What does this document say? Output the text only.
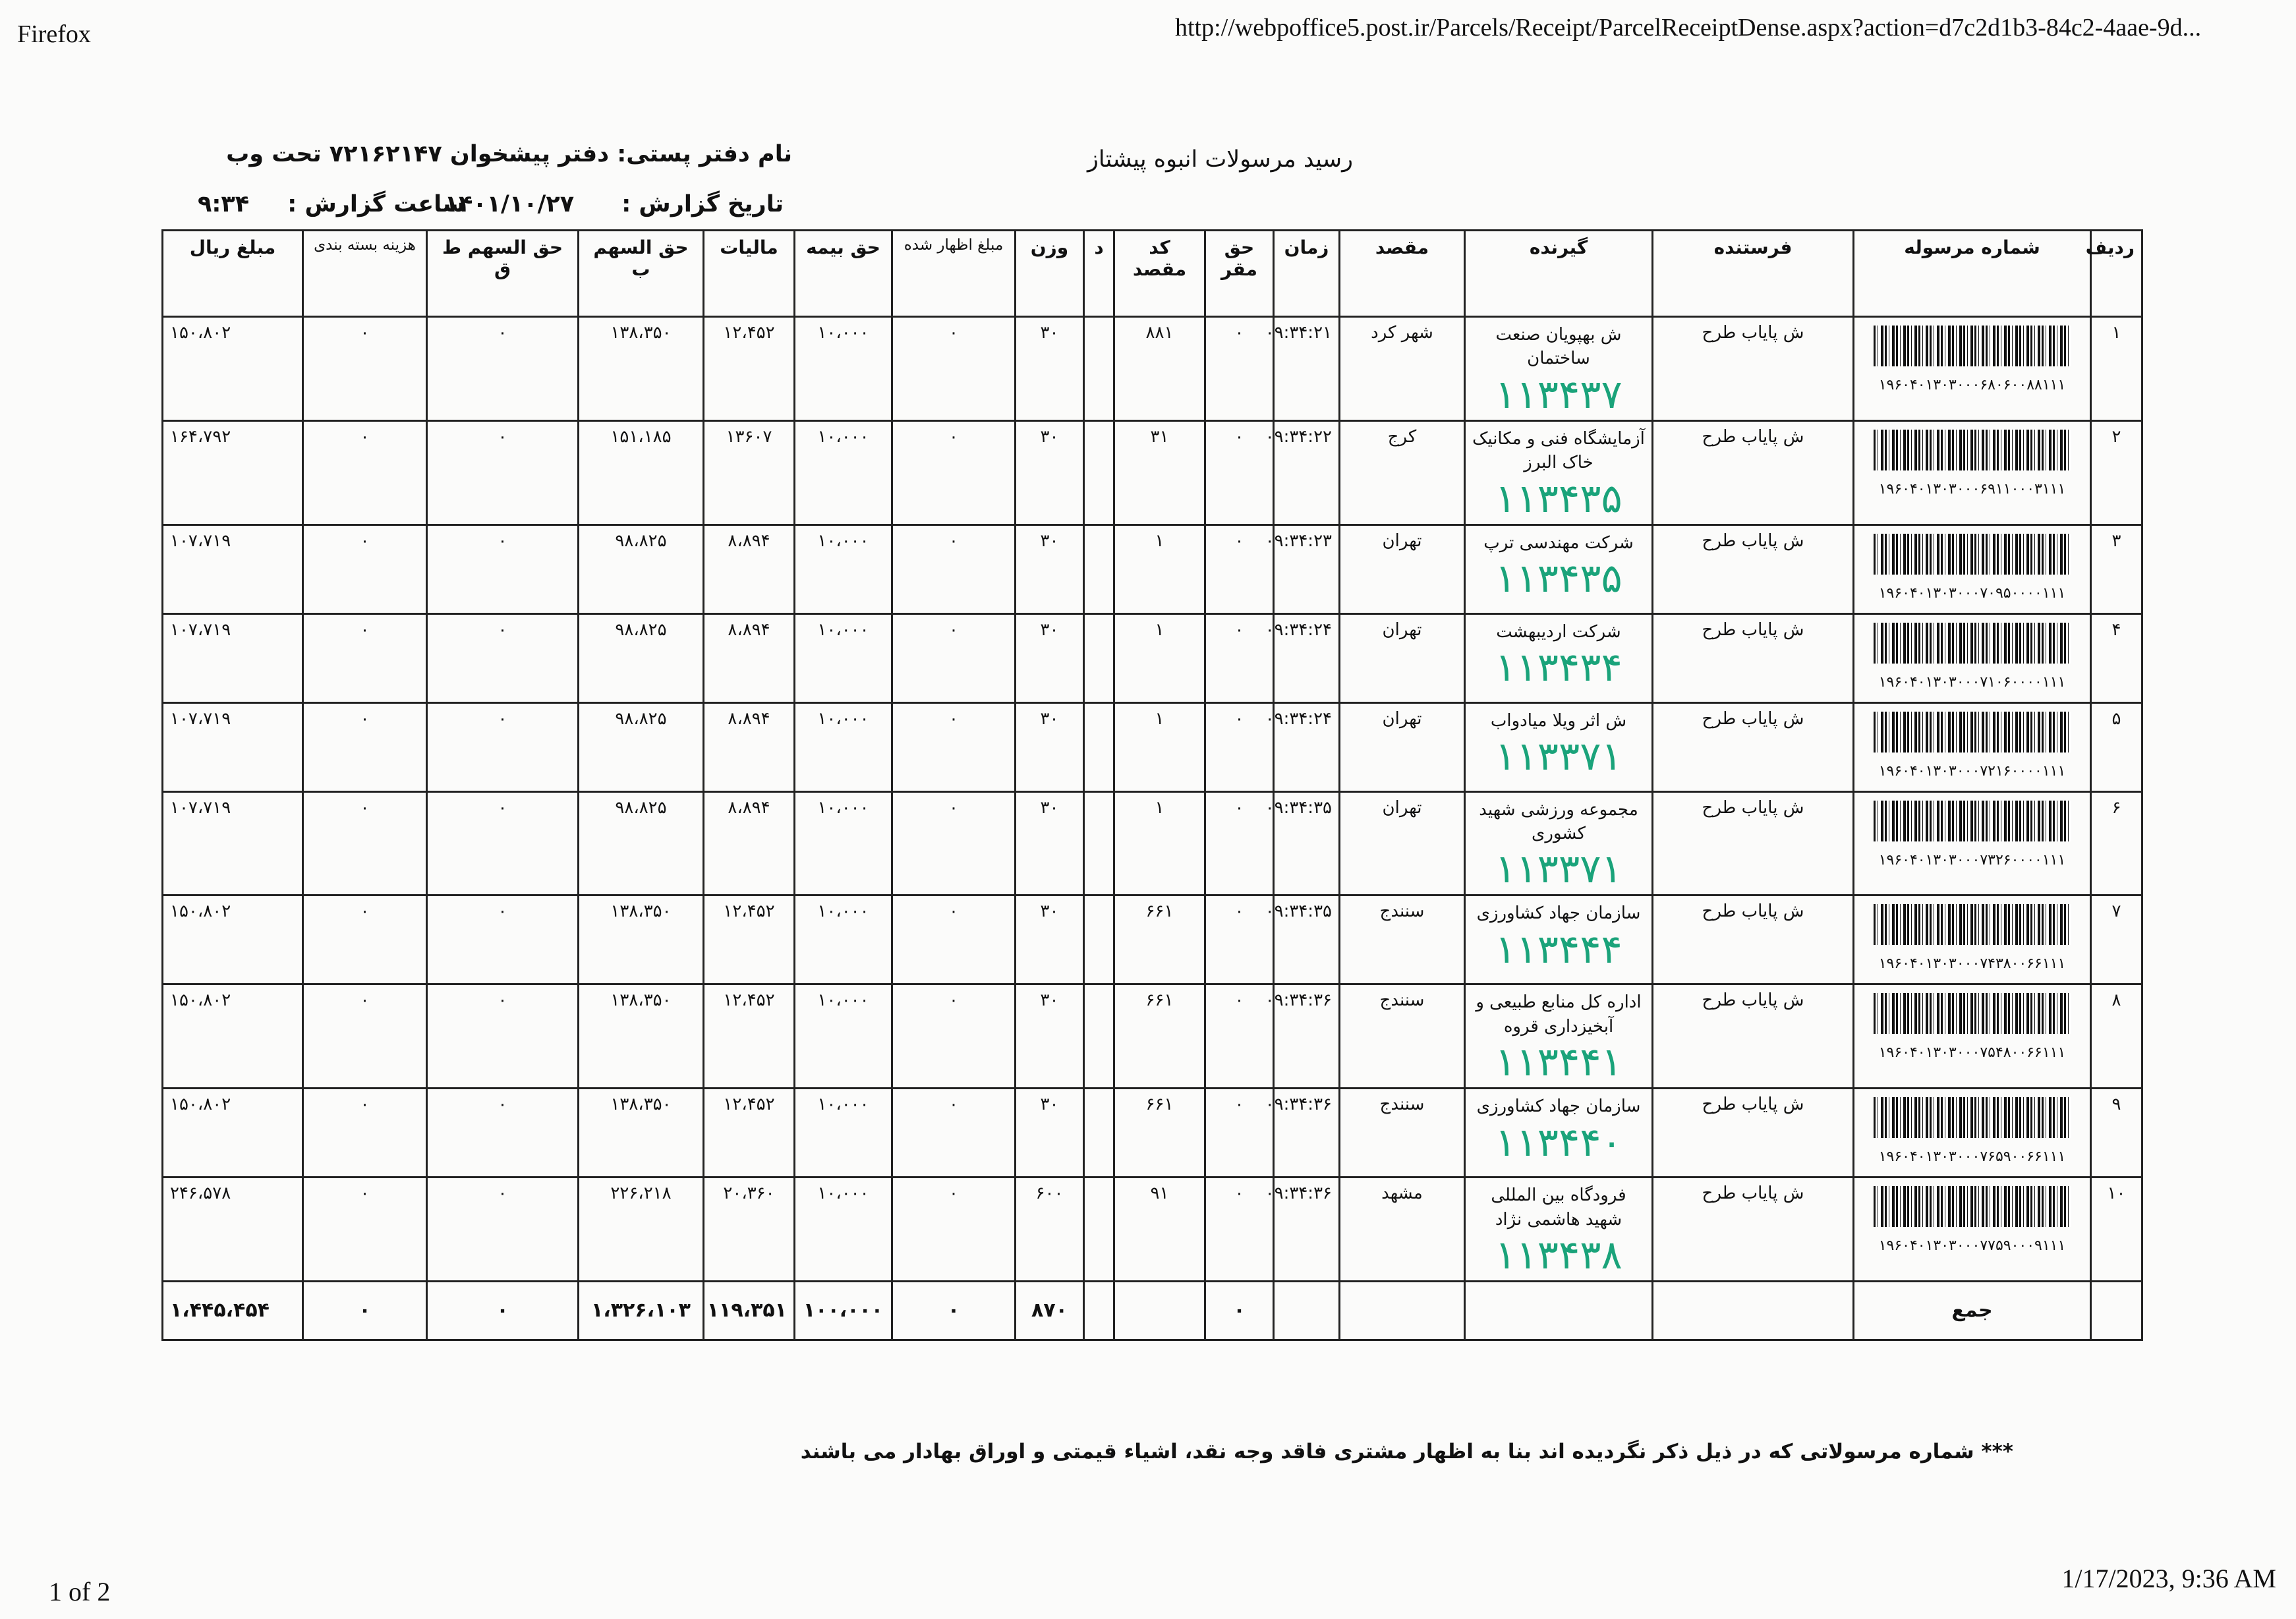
Firefox	http://webpoffice5.post.ir/Parcels/Receipt/ParcelReceiptDense.aspx?action=d7c2d1b3-84c2-4aae-9d...
رسید مرسولات انبوه پیشتاز
نام دفتر پستی: دفتر پیشخوان ۷۲۱۶۲۱۴۷ تحت وب
تاریخ گزارش : ۱۴۰۱/۱۰/۲۷
ساعت گزارش : ۹:۳۴
ردیف	شماره مرسوله	فرستنده	گیرنده	مقصد	زمان	حق مقر	کد مقصد	د	وزن	مبلغ اظهار شده	حق بیمه	مالیات	حق السهم ب	حق السهم ط ق	هزینه بسته بندی	مبلغ ریال
۱	۱۹۶۰۴۰۱۳۰۳۰۰۰۶۸۰۶۰۰۸۸۱۱۱	ش پایاب طرح	ش بهپویان صنعت ساختمان
۱۱۳۴۳۷	شهر کرد	۰۹:۳۴:۲۱	۰	۸۸۱		۳۰	۰	۱۰،۰۰۰	۱۲،۴۵۲	۱۳۸،۳۵۰	۰	۰	۱۵۰،۸۰۲
۲	۱۹۶۰۴۰۱۳۰۳۰۰۰۶۹۱۱۰۰۰۳۱۱۱	ش پایاب طرح	آزمایشگاه فنی و مکانیک خاک البرز
۱۱۳۴۳۵	کرج	۰۹:۳۴:۲۲	۰	۳۱		۳۰	۰	۱۰،۰۰۰	۱۳۶۰۷	۱۵۱،۱۸۵	۰	۰	۱۶۴،۷۹۲
۳	۱۹۶۰۴۰۱۳۰۳۰۰۰۷۰۹۵۰۰۰۰۱۱۱	ش پایاب طرح	شرکت مهندسی ترپ
۱۱۳۴۳۵	تهران	۰۹:۳۴:۲۳	۰	۱		۳۰	۰	۱۰،۰۰۰	۸،۸۹۴	۹۸،۸۲۵	۰	۰	۱۰۷،۷۱۹
۴	۱۹۶۰۴۰۱۳۰۳۰۰۰۷۱۰۶۰۰۰۰۱۱۱	ش پایاب طرح	شرکت اردیبهشت
۱۱۳۴۳۴	تهران	۰۹:۳۴:۲۴	۰	۱		۳۰	۰	۱۰،۰۰۰	۸،۸۹۴	۹۸،۸۲۵	۰	۰	۱۰۷،۷۱۹
۵	۱۹۶۰۴۰۱۳۰۳۰۰۰۷۲۱۶۰۰۰۰۱۱۱	ش پایاب طرح	ش اثر ویلا میادواب
۱۱۳۳۷۱	تهران	۰۹:۳۴:۲۴	۰	۱		۳۰	۰	۱۰،۰۰۰	۸،۸۹۴	۹۸،۸۲۵	۰	۰	۱۰۷،۷۱۹
۶	۱۹۶۰۴۰۱۳۰۳۰۰۰۷۳۲۶۰۰۰۰۱۱۱	ش پایاب طرح	مجموعه ورزشی شهید کشوری
۱۱۳۳۷۱	تهران	۰۹:۳۴:۳۵	۰	۱		۳۰	۰	۱۰،۰۰۰	۸،۸۹۴	۹۸،۸۲۵	۰	۰	۱۰۷،۷۱۹
۷	۱۹۶۰۴۰۱۳۰۳۰۰۰۷۴۳۸۰۰۶۶۱۱۱	ش پایاب طرح	سازمان جهاد کشاورزی
۱۱۳۴۴۴	سنندج	۰۹:۳۴:۳۵	۰	۶۶۱		۳۰	۰	۱۰،۰۰۰	۱۲،۴۵۲	۱۳۸،۳۵۰	۰	۰	۱۵۰،۸۰۲
۸	۱۹۶۰۴۰۱۳۰۳۰۰۰۷۵۴۸۰۰۶۶۱۱۱	ش پایاب طرح	اداره کل منابع طبیعی و آبخیزداری قروه
۱۱۳۴۴۱	سنندج	۰۹:۳۴:۳۶	۰	۶۶۱		۳۰	۰	۱۰،۰۰۰	۱۲،۴۵۲	۱۳۸،۳۵۰	۰	۰	۱۵۰،۸۰۲
۹	۱۹۶۰۴۰۱۳۰۳۰۰۰۷۶۵۹۰۰۶۶۱۱۱	ش پایاب طرح	سازمان جهاد کشاورزی
۱۱۳۴۴۰	سنندج	۰۹:۳۴:۳۶	۰	۶۶۱		۳۰	۰	۱۰،۰۰۰	۱۲،۴۵۲	۱۳۸،۳۵۰	۰	۰	۱۵۰،۸۰۲
۱۰	۱۹۶۰۴۰۱۳۰۳۰۰۰۷۷۵۹۰۰۰۹۱۱۱	ش پایاب طرح	فرودگاه بین المللی شهید هاشمی نژاد
۱۱۳۴۳۸	مشهد	۰۹:۳۴:۳۶	۰	۹۱		۶۰۰	۰	۱۰،۰۰۰	۲۰،۳۶۰	۲۲۶،۲۱۸	۰	۰	۲۴۶،۵۷۸
	جمع					۰			۸۷۰	۰	۱۰۰،۰۰۰	۱۱۹،۳۵۱	۱،۳۲۶،۱۰۳	۰	۰	۱،۴۴۵،۴۵۴
*** شماره مرسولاتی که در ذیل ذکر نگردیده اند بنا به اظهار مشتری فاقد وجه نقد، اشیاء قیمتی و اوراق بهادار می باشند
1 of 2	1/17/2023, 9:36 AM
